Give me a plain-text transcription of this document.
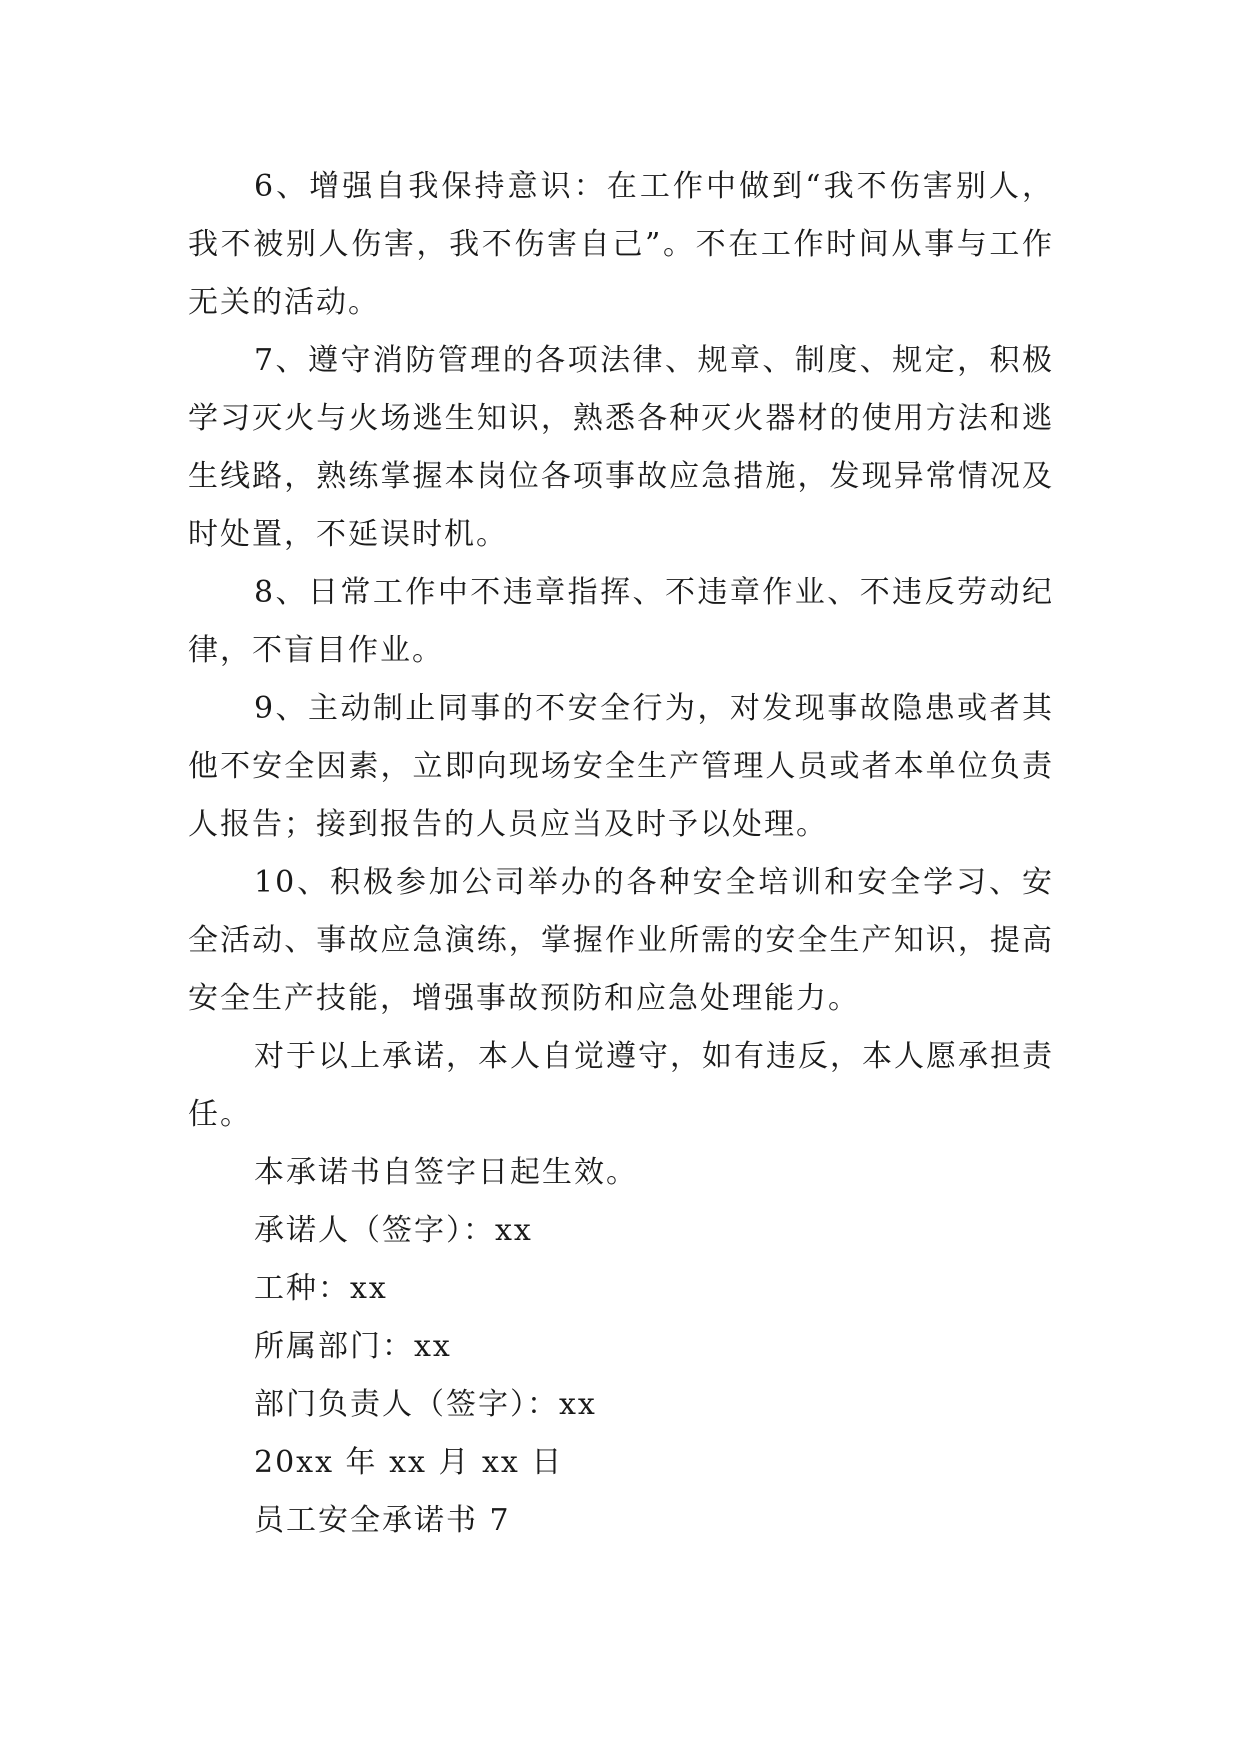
6、增强自我保持意识：在工作中做到“我不伤害别人，我不被别人伤害，我不伤害自己”。不在工作时间从事与工作无关的活动。

7、遵守消防管理的各项法律、规章、制度、规定，积极学习灭火与火场逃生知识，熟悉各种灭火器材的使用方法和逃生线路，熟练掌握本岗位各项事故应急措施，发现异常情况及时处置，不延误时机。

8、日常工作中不违章指挥、不违章作业、不违反劳动纪律，不盲目作业。

9、主动制止同事的不安全行为，对发现事故隐患或者其他不安全因素，立即向现场安全生产管理人员或者本单位负责人报告；接到报告的人员应当及时予以处理。

10、积极参加公司举办的各种安全培训和安全学习、安全活动、事故应急演练，掌握作业所需的安全生产知识，提高安全生产技能，增强事故预防和应急处理能力。

对于以上承诺，本人自觉遵守，如有违反，本人愿承担责任。

本承诺书自签字日起生效。

承诺人（签字）：xx

工种：xx

所属部门：xx

部门负责人（签字）：xx

20xx 年 xx 月 xx 日

员工安全承诺书 7
